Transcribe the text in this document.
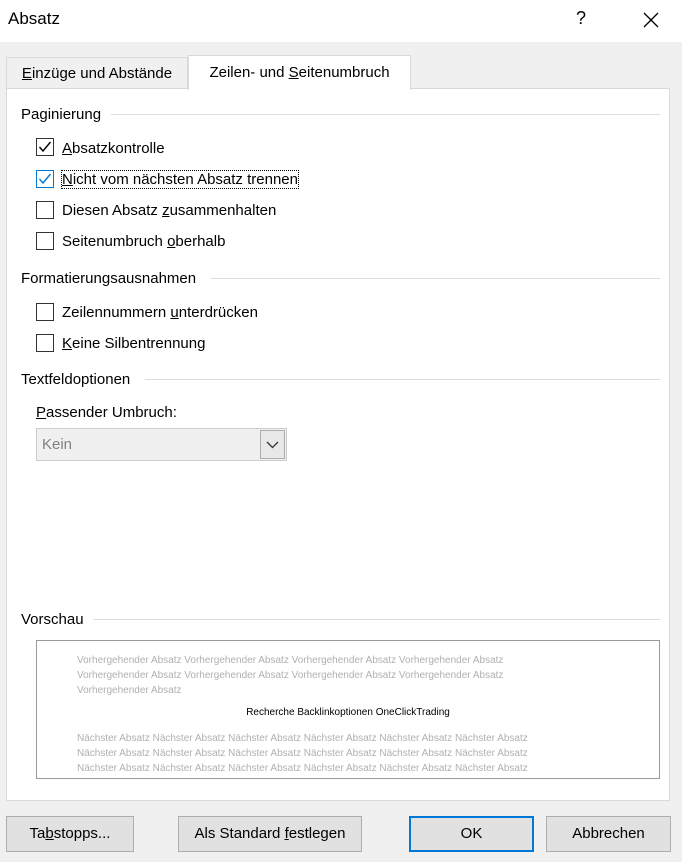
Absatz	?
Einzüge und Abstände	Zeilen- und Seitenumbruch
Paginierung
Absatzkontrolle
Nicht vom nächsten Absatz trennen
Diesen Absatz zusammenhalten
Seitenumbruch oberhalb
Formatierungsausnahmen
Zeilennummern unterdrücken
Keine Silbentrennung
Textfeldoptionen
Passender Umbruch:
Kein
Vorschau
Vorhergehender Absatz Vorhergehender Absatz Vorhergehender Absatz Vorhergehender Absatz
Vorhergehender Absatz Vorhergehender Absatz Vorhergehender Absatz Vorhergehender Absatz
Vorhergehender Absatz
Recherche Backlinkoptionen OneClickTrading
Nächster Absatz Nächster Absatz Nächster Absatz Nächster Absatz Nächster Absatz Nächster Absatz
Nächster Absatz Nächster Absatz Nächster Absatz Nächster Absatz Nächster Absatz Nächster Absatz
Nächster Absatz Nächster Absatz Nächster Absatz Nächster Absatz Nächster Absatz Nächster Absatz
Tabstopps...	Als Standard festlegen	OK	Abbrechen
